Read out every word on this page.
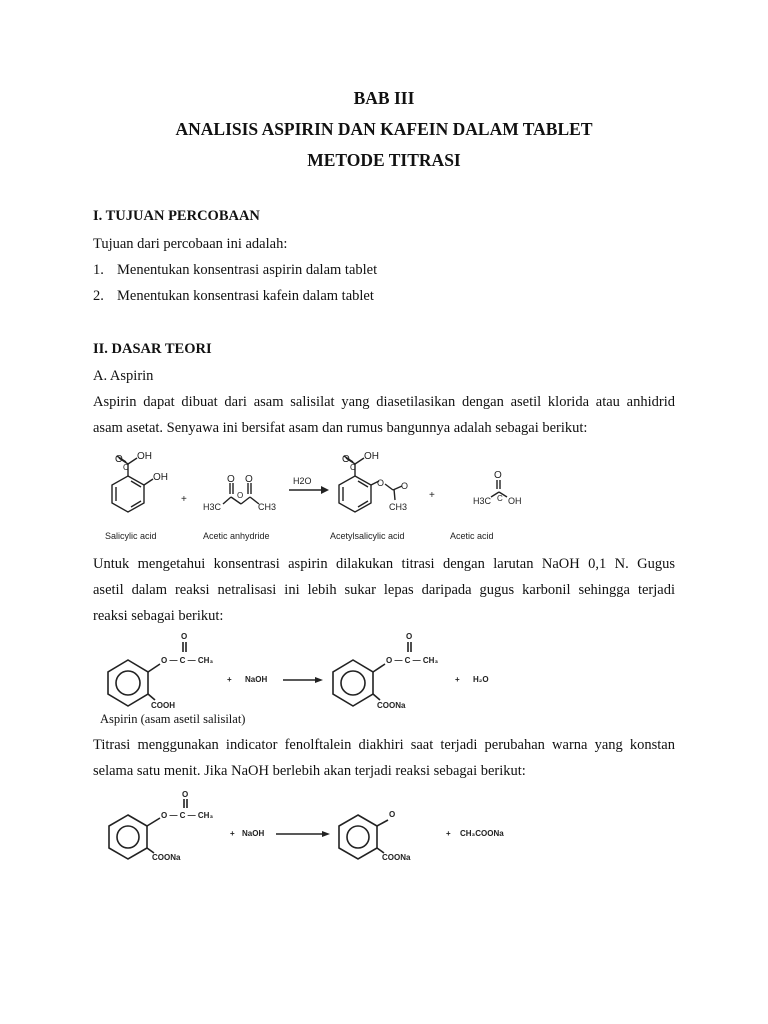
BAB III
ANALISIS ASPIRIN DAN KAFEIN DALAM TABLET
METODE TITRASI
I. TUJUAN PERCOBAAN
Tujuan dari percobaan ini adalah:
1. Menentukan konsentrasi aspirin dalam tablet
2. Menentukan konsentrasi kafein dalam tablet
II. DASAR TEORI
A. Aspirin
Aspirin dapat dibuat dari asam salisilat yang diasetilasikan dengan asetil klorida atau anhidrid
asam asetat. Senyawa ini bersifat asam dan rumus bangunnya adalah sebagai berikut:
O
C
OH
OH
+
O O
O
H3C	CH3
H2O
O
C
OH
O O
CH3
+
O
H3C C OH
Salicylic acid	Acetic anhydride	Acetylsalicylic acid	Acetic acid
Untuk mengetahui konsentrasi aspirin dilakukan titrasi dengan larutan NaOH 0,1 N. Gugus
asetil dalam reaksi netralisasi ini lebih sukar lepas daripada gugus karbonil sehingga terjadi
reaksi sebagai berikut:
O
O — C — CH₃
COOH
+ NaOH
O
O — C — CH₃
COONa
+ H₂O
Aspirin (asam asetil salisilat)
Titrasi menggunakan indicator fenolftalein diakhiri saat terjadi perubahan warna yang konstan
selama satu menit. Jika NaOH berlebih akan terjadi reaksi sebagai berikut:
O
O — C — CH₃
COONa
+ NaOH
O
COONa
+ CH₃COONa
